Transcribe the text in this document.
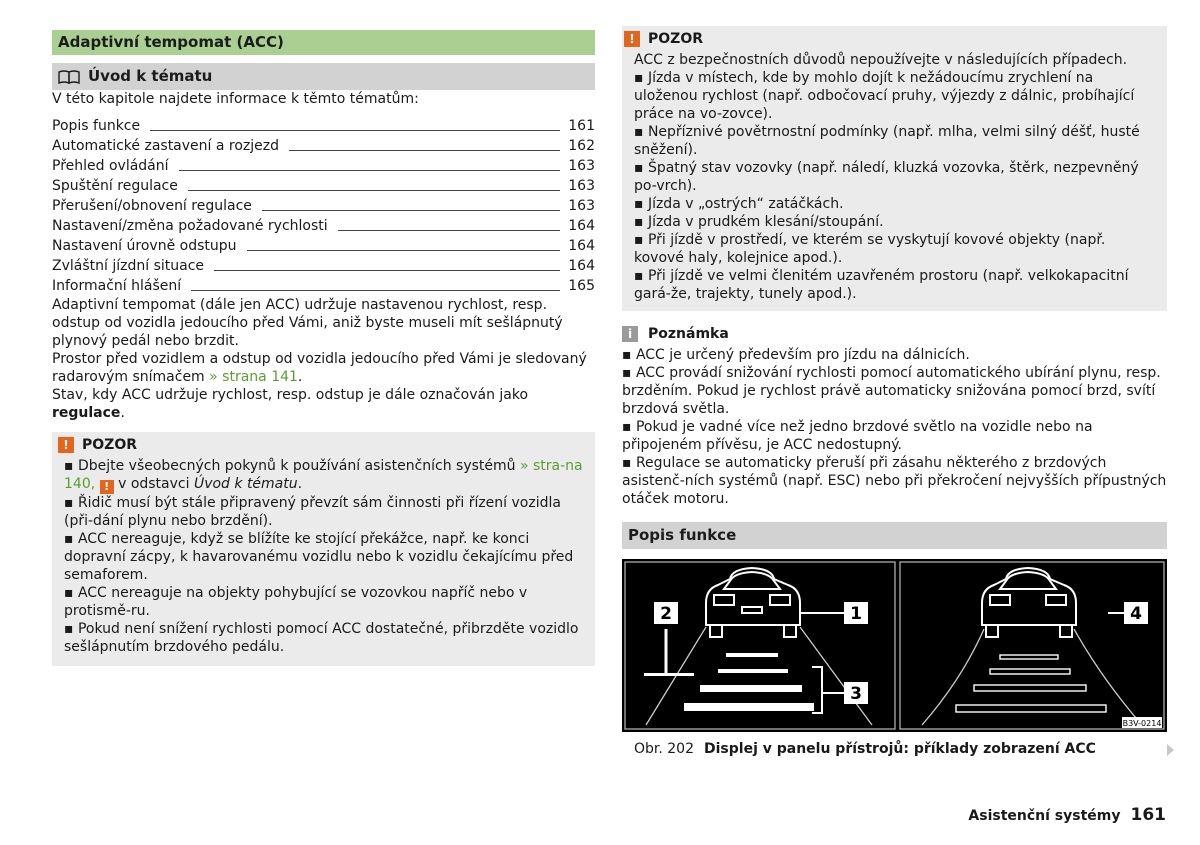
Adaptivní tempomat (ACC)
Úvod k tématu

V této kapitole najdete informace k těmto tématům:

Popis funkce	161
Automatické zastavení a rozjezd	162
Přehled ovládání	163
Spuštění regulace	163
Přerušení/obnovení regulace	163
Nastavení/změna požadované rychlosti	164
Nastavení úrovně odstupu	164
Zvláštní jízdní situace	164
Informační hlášení	165

Adaptivní tempomat (dále jen ACC) udržuje nastavenou rychlost, resp. odstup od vozidla jedoucího před Vámi, aniž byste museli mít sešlápnutý plynový pedál nebo brzdit.

Prostor před vozidlem a odstup od vozidla jedoucího před Vámi je sledovaný radarovým snímačem » strana 141.

Stav, kdy ACC udržuje rychlost, resp. odstup je dále označován jako regulace.

! POZOR

▪ Dbejte všeobecných pokynů k používání asistenčních systémů » stra-na 140, ! v odstavci Úvod k tématu.

▪ Řidič musí být stále připravený převzít sám činnosti při řízení vozidla (při-dání plynu nebo brzdění).

▪ ACC nereaguje, když se blížíte ke stojící překážce, např. ke konci dopravní zácpy, k havarovanému vozidlu nebo k vozidlu čekajícímu před semaforem.

▪ ACC nereaguje na objekty pohybující se vozovkou napříč nebo v protismě-ru.

▪ Pokud není snížení rychlosti pomocí ACC dostatečné, přibrzděte vozidlo sešlápnutím brzdového pedálu.

! POZOR

ACC z bezpečnostních důvodů nepoužívejte v následujících případech.

▪ Jízda v místech, kde by mohlo dojít k nežádoucímu zrychlení na uloženou rychlost (např. odbočovací pruhy, výjezdy z dálnic, probíhající práce na vo-zovce).

▪ Nepříznivé povětrnostní podmínky (např. mlha, velmi silný déšť, husté sněžení).

▪ Špatný stav vozovky (např. náledí, kluzká vozovka, štěrk, nezpevněný po-vrch).

▪ Jízda v „ostrých“ zatáčkách.

▪ Jízda v prudkém klesání/stoupání.

▪ Při jízdě v prostředí, ve kterém se vyskytují kovové objekty (např. kovové haly, kolejnice apod.).

▪ Při jízdě ve velmi členitém uzavřeném prostoru (např. velkokapacitní gará-že, trajekty, tunely apod.).

i	Poznámka

▪ ACC je určený především pro jízdu na dálnicích.

▪ ACC provádí snižování rychlosti pomocí automatického ubírání plynu, resp. brzděním. Pokud je rychlost právě automaticky snižována pomocí brzd, svítí brzdová světla.

▪ Pokud je vadné více než jedno brzdové světlo na vozidle nebo na připojeném přívěsu, je ACC nedostupný.

▪ Regulace se automaticky přeruší při zásahu některého z brzdových asistenč-ních systémů (např. ESC) nebo při překročení nejvyšších přípustných otáček motoru.

Popis funkce
1
2
3
4
B3V-0214
Obr. 202 Displej v panelu přístrojů: příklady zobrazení ACC
Asistenční systémy 161
